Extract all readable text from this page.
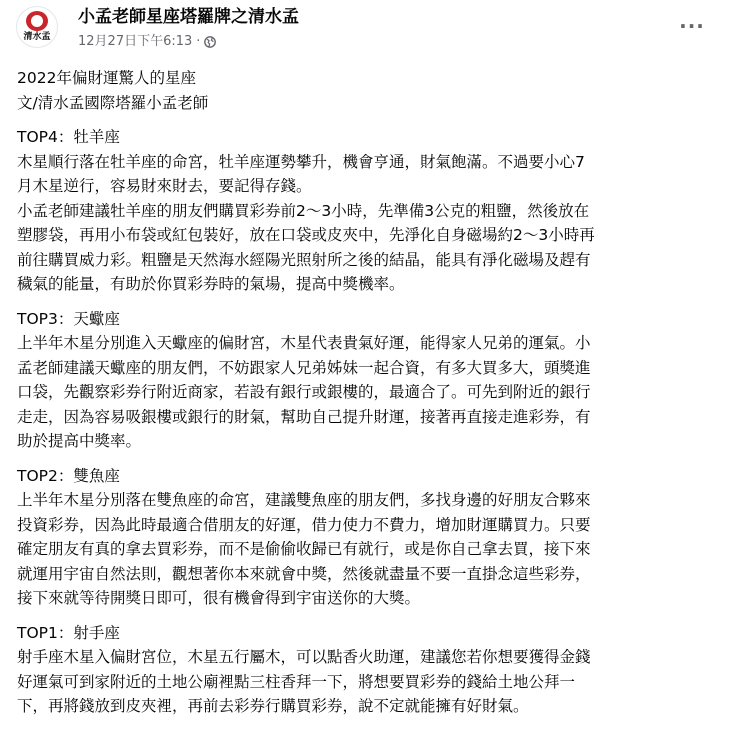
清水孟
小孟老師星座塔羅牌之清水孟
12月27日下午6:13 ·
···

2022年偏財運驚人的星座

文/清水孟國際塔羅小孟老師

TOP4：牡羊座

木星順行落在牡羊座的命宮，牡羊座運勢攀升，機會亨通，財氣飽滿。不過要小心7

月木星逆行，容易財來財去，要記得存錢。

小孟老師建議牡羊座的朋友們購買彩券前2～3小時，先準備3公克的粗鹽，然後放在

塑膠袋，再用小布袋或紅包裝好，放在口袋或皮夾中，先淨化自身磁場約2～3小時再

前往購買威力彩。粗鹽是天然海水經陽光照射所之後的結晶，能具有淨化磁場及趕有

穢氣的能量，有助於你買彩券時的氣場，提高中獎機率。

TOP3：天蠍座

上半年木星分別進入天蠍座的偏財宮，木星代表貴氣好運，能得家人兄弟的運氣。小

孟老師建議天蠍座的朋友們，不妨跟家人兄弟姊妹一起合資，有多大買多大，頭獎進

口袋，先觀察彩券行附近商家，若設有銀行或銀樓的，最適合了。可先到附近的銀行

走走，因為容易吸銀樓或銀行的財氣，幫助自己提升財運，接著再直接走進彩券，有

助於提高中獎率。

TOP2：雙魚座

上半年木星分別落在雙魚座的命宮，建議雙魚座的朋友們，多找身邊的好朋友合夥來

投資彩券，因為此時最適合借朋友的好運，借力使力不費力，增加財運購買力。只要

確定朋友有真的拿去買彩券，而不是偷偷收歸已有就行，或是你自己拿去買，接下來

就運用宇宙自然法則，觀想著你本來就會中獎，然後就盡量不要一直掛念這些彩券，

接下來就等待開獎日即可，很有機會得到宇宙送你的大獎。

TOP1：射手座

射手座木星入偏財宮位，木星五行屬木，可以點香火助運，建議您若你想要獲得金錢

好運氣可到家附近的土地公廟裡點三柱香拜一下，將想要買彩券的錢給土地公拜一

下，再將錢放到皮夾裡，再前去彩券行購買彩券，說不定就能擁有好財氣。
